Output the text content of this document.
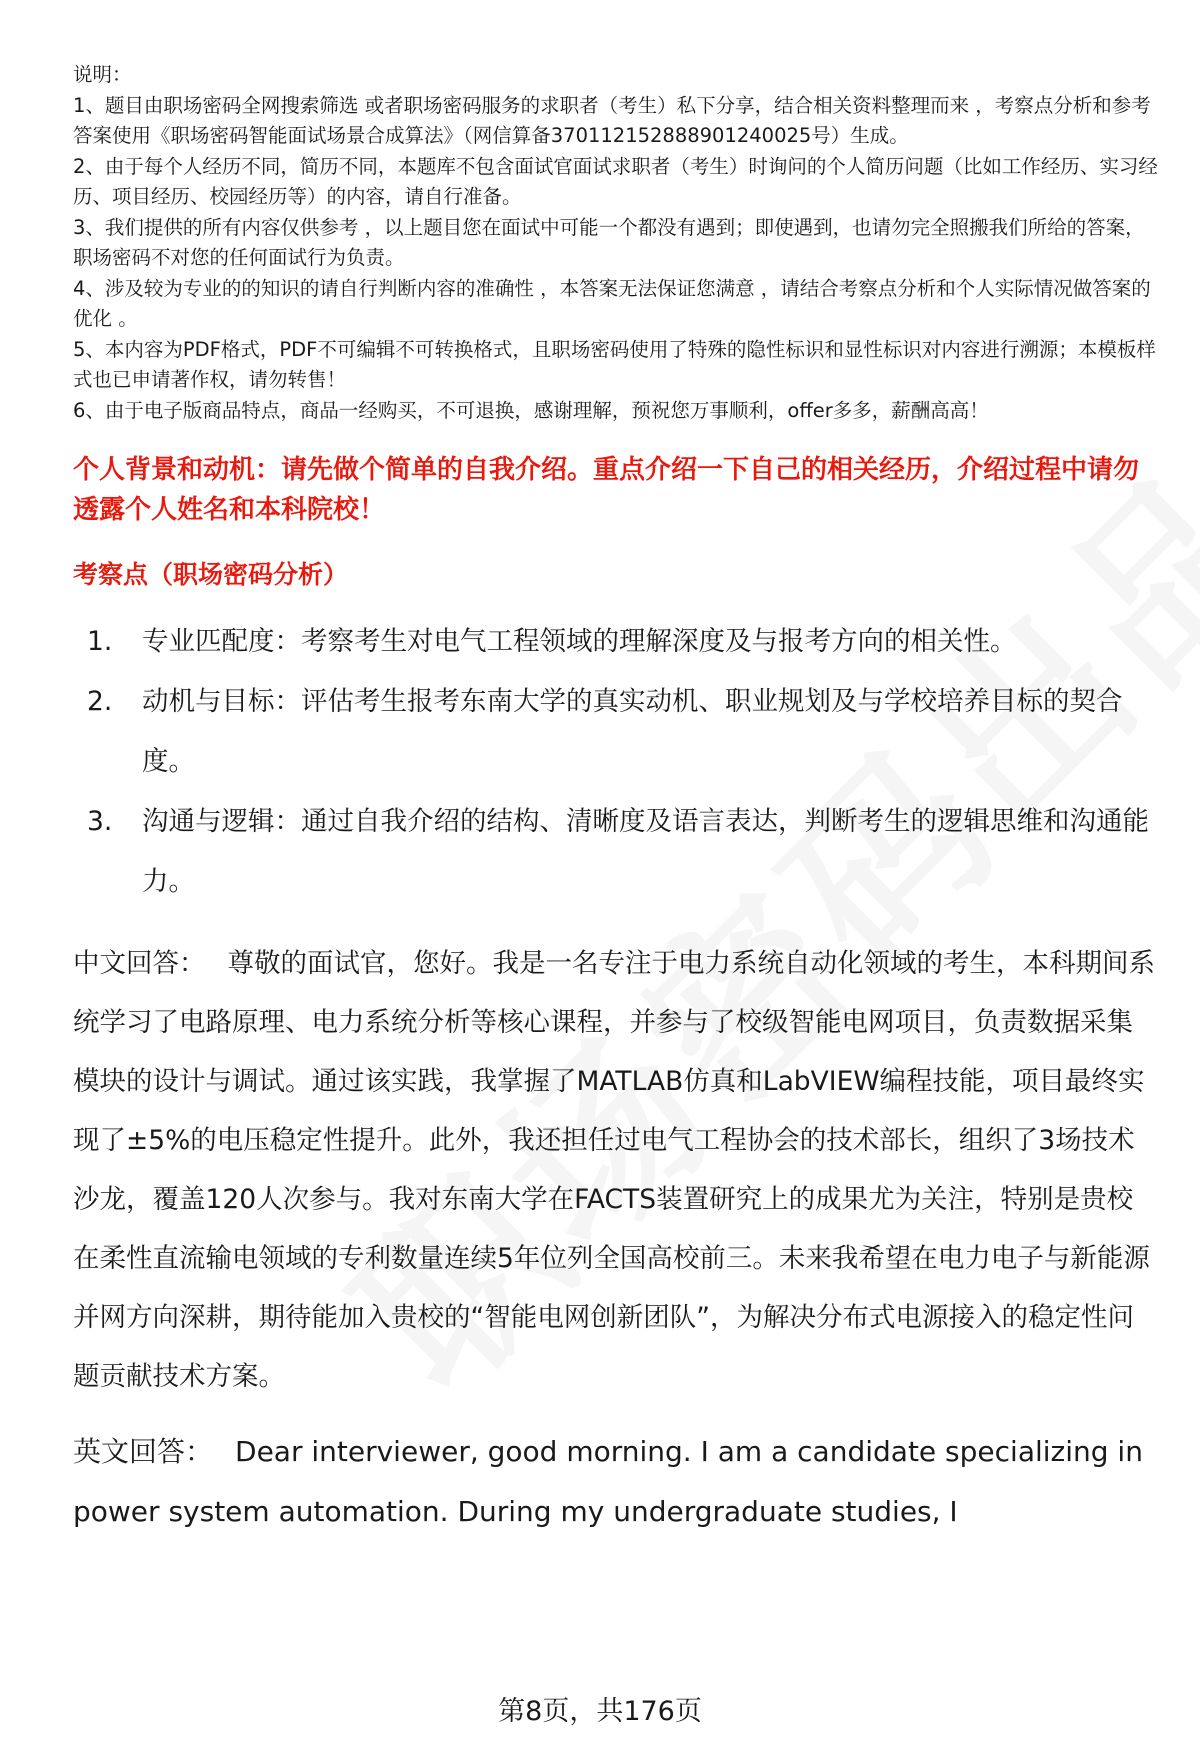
说明：

1、题目由职场密码全网搜索筛选 或者职场密码服务的求职者（考生）私下分享，结合相关资料整理而来 ，考察点分析和参考答案使用《职场密码智能面试场景合成算法》（网信算备370112152888901240025号）生成。

2、由于每个人经历不同，简历不同，本题库不包含面试官面试求职者（考生）时询问的个人简历问题（比如工作经历、实习经历、项目经历、校园经历等）的内容，请自行准备。

3、我们提供的所有内容仅供参考 ，以上题目您在面试中可能一个都没有遇到；即使遇到，也请勿完全照搬我们所给的答案，职场密码不对您的任何面试行为负责。

4、涉及较为专业的的知识的请自行判断内容的准确性 ，本答案无法保证您满意 ，请结合考察点分析和个人实际情况做答案的优化 。

5、本内容为PDF格式，PDF不可编辑不可转换格式，且职场密码使用了特殊的隐性标识和显性标识对内容进行溯源；本模板样式也已申请著作权，请勿转售！

6、由于电子版商品特点，商品一经购买，不可退换，感谢理解，预祝您万事顺利，offer多多，薪酬高高！

个人背景和动机：请先做个简单的自我介绍。重点介绍一下自己的相关经历，介绍过程中请勿透露个人姓名和本科院校！
考察点（职场密码分析）
1.	专业匹配度：考察考生对电气工程领域的理解深度及与报考方向的相关性。
2.	动机与目标：评估考生报考东南大学的真实动机、职业规划及与学校培养目标的契合度。
3.	沟通与逻辑：通过自我介绍的结构、清晰度及语言表达，判断考生的逻辑思维和沟通能力。
中文回答： 尊敬的面试官，您好。我是一名专注于电力系统自动化领域的考生，本科期间系统学习了电路原理、电力系统分析等核心课程，并参与了校级智能电网项目，负责数据采集模块的设计与调试。通过该实践，我掌握了MATLAB仿真和LabVIEW编程技能，项目最终实现了±5%的电压稳定性提升。此外，我还担任过电气工程协会的技术部长，组织了3场技术沙龙，覆盖120人次参与。我对东南大学在FACTS装置研究上的成果尤为关注，特别是贵校在柔性直流输电领域的专利数量连续5年位列全国高校前三。未来我希望在电力电子与新能源并网方向深耕，期待能加入贵校的“智能电网创新团队”，为解决分布式电源接入的稳定性问题贡献技术方案。
英文回答： Dear interviewer, good morning. I am a candidate specializing in power system automation. During my undergraduate studies, I
第8页，共176页
